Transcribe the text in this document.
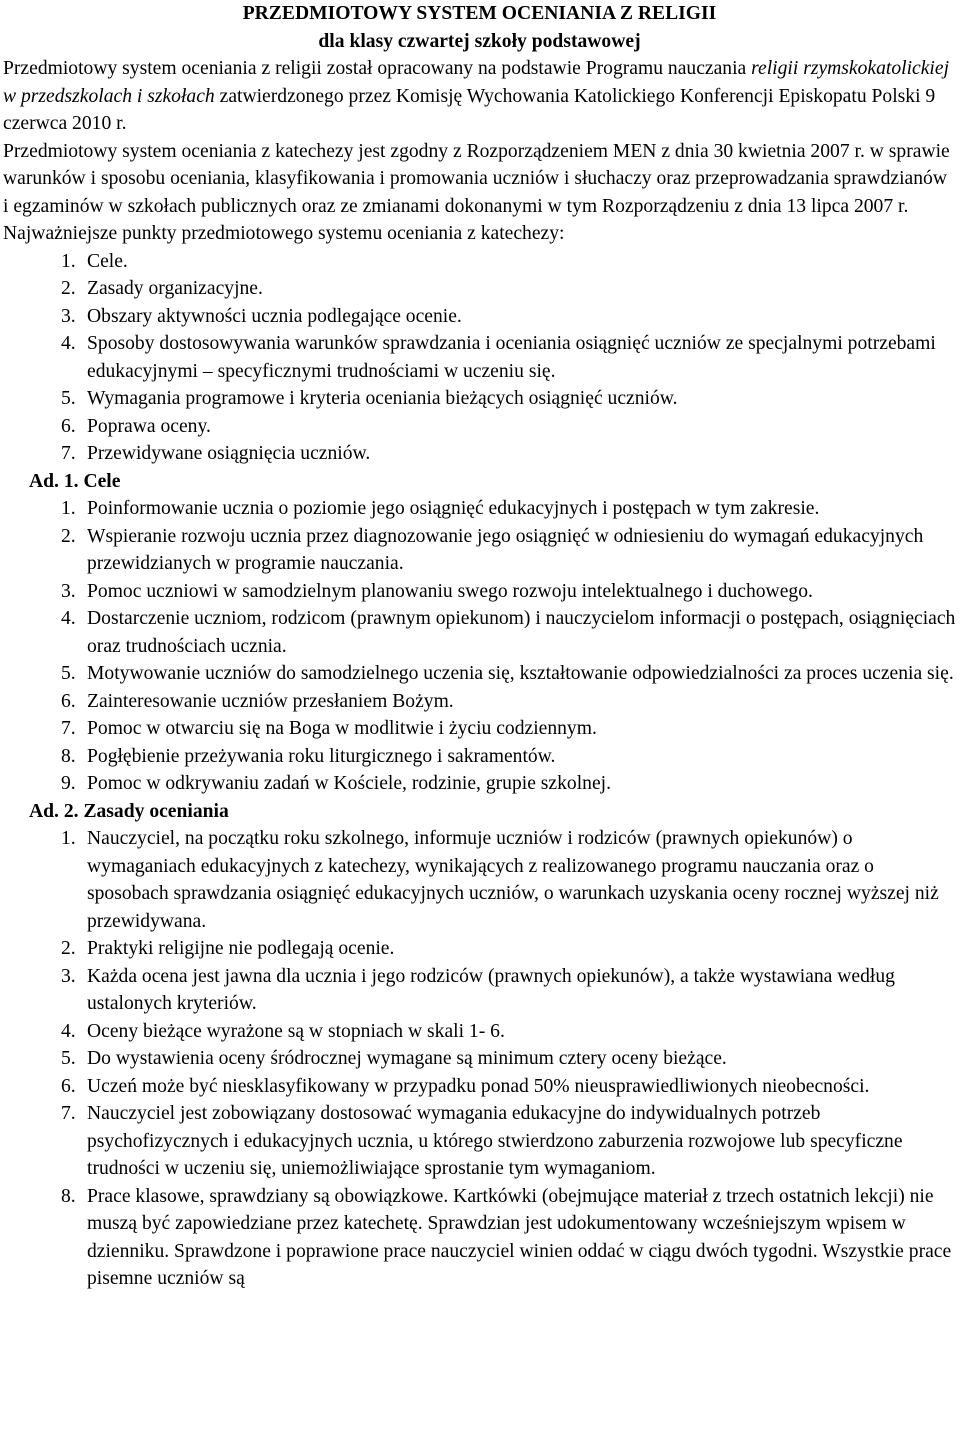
PRZEDMIOTOWY SYSTEM OCENIANIA Z RELIGII

dla klasy czwartej szkoły podstawowej

Przedmiotowy system oceniania z religii został opracowany na podstawie Programu nauczania religii rzymskokatolickiej w przedszkolach i szkołach zatwierdzonego przez Komisję Wychowania Katolickiego Konferencji Episkopatu Polski 9 czerwca 2010 r.

Przedmiotowy system oceniania z katechezy jest zgodny z Rozporządzeniem MEN z dnia 30 kwietnia 2007 r. w sprawie warunków i sposobu oceniania, klasyfikowania i promowania uczniów i słuchaczy oraz przeprowadzania sprawdzianów i egzaminów w szkołach publicznych oraz ze zmianami dokonanymi w tym Rozporządzeniu z dnia 13 lipca 2007 r.

Najważniejsze punkty przedmiotowego systemu oceniania z katechezy:

1. Cele.
2. Zasady organizacyjne.
3. Obszary aktywności ucznia podlegające ocenie.
4. Sposoby dostosowywania warunków sprawdzania i oceniania osiągnięć uczniów ze specjalnymi potrzebami edukacyjnymi – specyficznymi trudnościami w uczeniu się.
5. Wymagania programowe i kryteria oceniania bieżących osiągnięć uczniów.
6. Poprawa oceny.
7. Przewidywane osiągnięcia uczniów.

Ad. 1. Cele

1. Poinformowanie ucznia o poziomie jego osiągnięć edukacyjnych i postępach w tym zakresie.
2. Wspieranie rozwoju ucznia przez diagnozowanie jego osiągnięć w odniesieniu do wymagań edukacyjnych przewidzianych w programie nauczania.
3. Pomoc uczniowi w samodzielnym planowaniu swego rozwoju intelektualnego i duchowego.
4. Dostarczenie uczniom, rodzicom (prawnym opiekunom) i nauczycielom informacji o postępach, osiągnięciach oraz trudnościach ucznia.
5. Motywowanie uczniów do samodzielnego uczenia się, kształtowanie odpowiedzialności za proces uczenia się.
6. Zainteresowanie uczniów przesłaniem Bożym.
7. Pomoc w otwarciu się na Boga w modlitwie i życiu codziennym.
8. Pogłębienie przeżywania roku liturgicznego i sakramentów.
9. Pomoc w odkrywaniu zadań w Kościele, rodzinie, grupie szkolnej.

Ad. 2. Zasady oceniania

1. Nauczyciel, na początku roku szkolnego, informuje uczniów i rodziców (prawnych opiekunów) o wymaganiach edukacyjnych z katechezy, wynikających z realizowanego programu nauczania oraz o sposobach sprawdzania osiągnięć edukacyjnych uczniów, o warunkach uzyskania oceny rocznej wyższej niż przewidywana.
2. Praktyki religijne nie podlegają ocenie.
3. Każda ocena jest jawna dla ucznia i jego rodziców (prawnych opiekunów), a także wystawiana według ustalonych kryteriów.
4. Oceny bieżące wyrażone są w stopniach w skali 1- 6.
5. Do wystawienia oceny śródrocznej wymagane są minimum cztery oceny bieżące.
6. Uczeń może być niesklasyfikowany w przypadku ponad 50% nieusprawiedliwionych nieobecności.
7. Nauczyciel jest zobowiązany dostosować wymagania edukacyjne do indywidualnych potrzeb psychofizycznych i edukacyjnych ucznia, u którego stwierdzono zaburzenia rozwojowe lub specyficzne trudności w uczeniu się, uniemożliwiające sprostanie tym wymaganiom.
8. Prace klasowe, sprawdziany są obowiązkowe. Kartkówki (obejmujące materiał z trzech ostatnich lekcji) nie muszą być zapowiedziane przez katechetę. Sprawdzian jest udokumentowany wcześniejszym wpisem w dzienniku. Sprawdzone i poprawione prace nauczyciel winien oddać w ciągu dwóch tygodni. Wszystkie prace pisemne uczniów są
